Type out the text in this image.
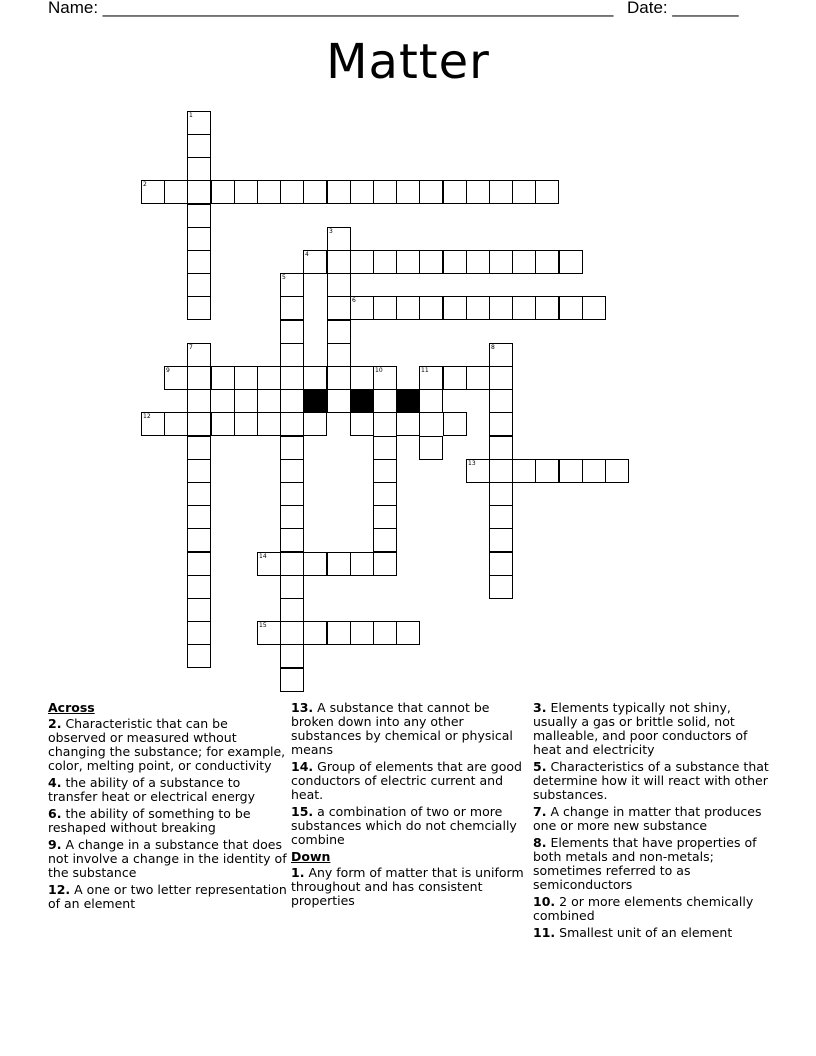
Name: ______________________________________________________ Date: _______
Matter
1
7
2
3
4
5
6
9	10	11
8
12
13
14
15
Across
2. Characteristic that can be observed or measured wthout changing the substance; for example, color, melting point, or conductivity
4. the ability of a substance to transfer heat or electrical energy
6. the ability of something to be reshaped without breaking
9. A change in a substance that does not involve a change in the identity of the substance
12. A one or two letter representation of an element
13. A substance that cannot be broken down into any other substances by chemical or physical means
14. Group of elements that are good conductors of electric current and heat.
15. a combination of two or more substances which do not chemcially combine
Down
1. Any form of matter that is uniform throughout and has consistent properties
3. Elements typically not shiny, usually a gas or brittle solid, not malleable, and poor conductors of heat and electricity
5. Characteristics of a substance that determine how it will react with other substances.
7. A change in matter that produces one or more new substance
8. Elements that have properties of both metals and non-metals; sometimes referred to as semiconductors
10. 2 or more elements chemically combined
11. Smallest unit of an element
